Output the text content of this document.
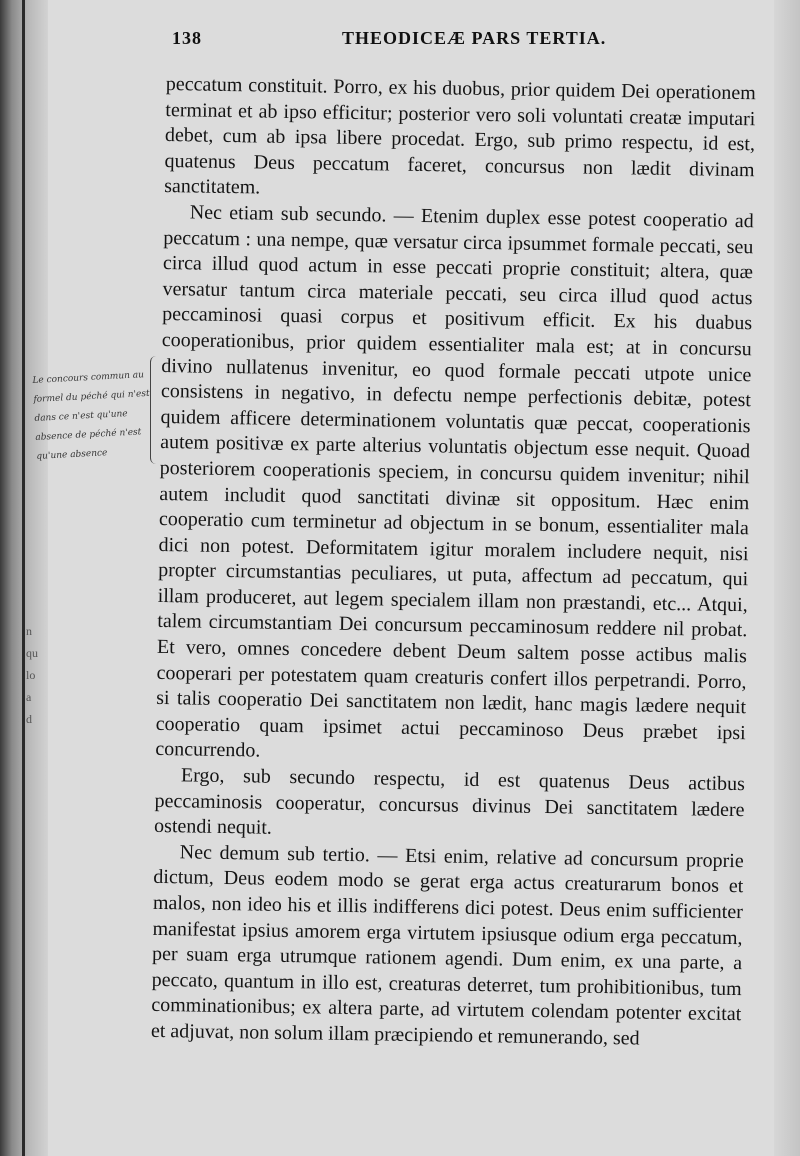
138	THEODICEÆ PARS TERTIA.
Le concours commun au
formel du péché qui n'est
dans ce n'est qu'une
absence de péché n'est
qu'une absence
n
qu
lo
a
d

peccatum constituit. Porro, ex his duobus, prior quidem Dei operationem terminat et ab ipso efficitur; posterior vero soli voluntati creatæ imputari debet, cum ab ipsa libere procedat. Ergo, sub primo respectu, id est, quatenus Deus peccatum faceret, concursus non lædit divinam sanctitatem.

Nec etiam sub secundo. — Etenim duplex esse potest cooperatio ad peccatum : una nempe, quæ versatur circa ipsummet formale peccati, seu circa illud quod actum in esse peccati proprie constituit; altera, quæ versatur tantum circa materiale peccati, seu circa illud quod actus peccaminosi quasi corpus et positivum efficit. Ex his duabus cooperationibus, prior quidem essentialiter mala est; at in concursu divino nullatenus invenitur, eo quod formale peccati utpote unice consistens in negativo, in defectu nempe perfectionis debitæ, potest quidem afficere determinationem voluntatis quæ peccat, cooperationis autem positivæ ex parte alterius voluntatis objectum esse nequit. Quoad posteriorem cooperationis speciem, in concursu quidem invenitur; nihil autem includit quod sanctitati divinæ sit oppositum. Hæc enim cooperatio cum terminetur ad objectum in se bonum, essentialiter mala dici non potest. Deformitatem igitur moralem includere nequit, nisi propter circumstantias peculiares, ut puta, affectum ad peccatum, qui illam produceret, aut legem specialem illam non præstandi, etc... Atqui, talem circumstantiam Dei concursum peccaminosum reddere nil probat. Et vero, omnes concedere debent Deum saltem posse actibus malis cooperari per potestatem quam creaturis confert illos perpetrandi. Porro, si talis cooperatio Dei sanctitatem non lædit, hanc magis lædere nequit cooperatio quam ipsimet actui peccaminoso Deus præbet ipsi concurrendo.

Ergo, sub secundo respectu, id est quatenus Deus actibus peccaminosis cooperatur, concursus divinus Dei sanctitatem lædere ostendi nequit.

Nec demum sub tertio. — Etsi enim, relative ad concursum proprie dictum, Deus eodem modo se gerat erga actus creaturarum bonos et malos, non ideo his et illis indifferens dici potest. Deus enim sufficienter manifestat ipsius amorem erga virtutem ipsiusque odium erga peccatum, per suam erga utrumque rationem agendi. Dum enim, ex una parte, a peccato, quantum in illo est, creaturas deterret, tum prohibitionibus, tum comminationibus; ex altera parte, ad virtutem colendam potenter excitat et adjuvat, non solum illam præcipiendo et remunerando, sed
